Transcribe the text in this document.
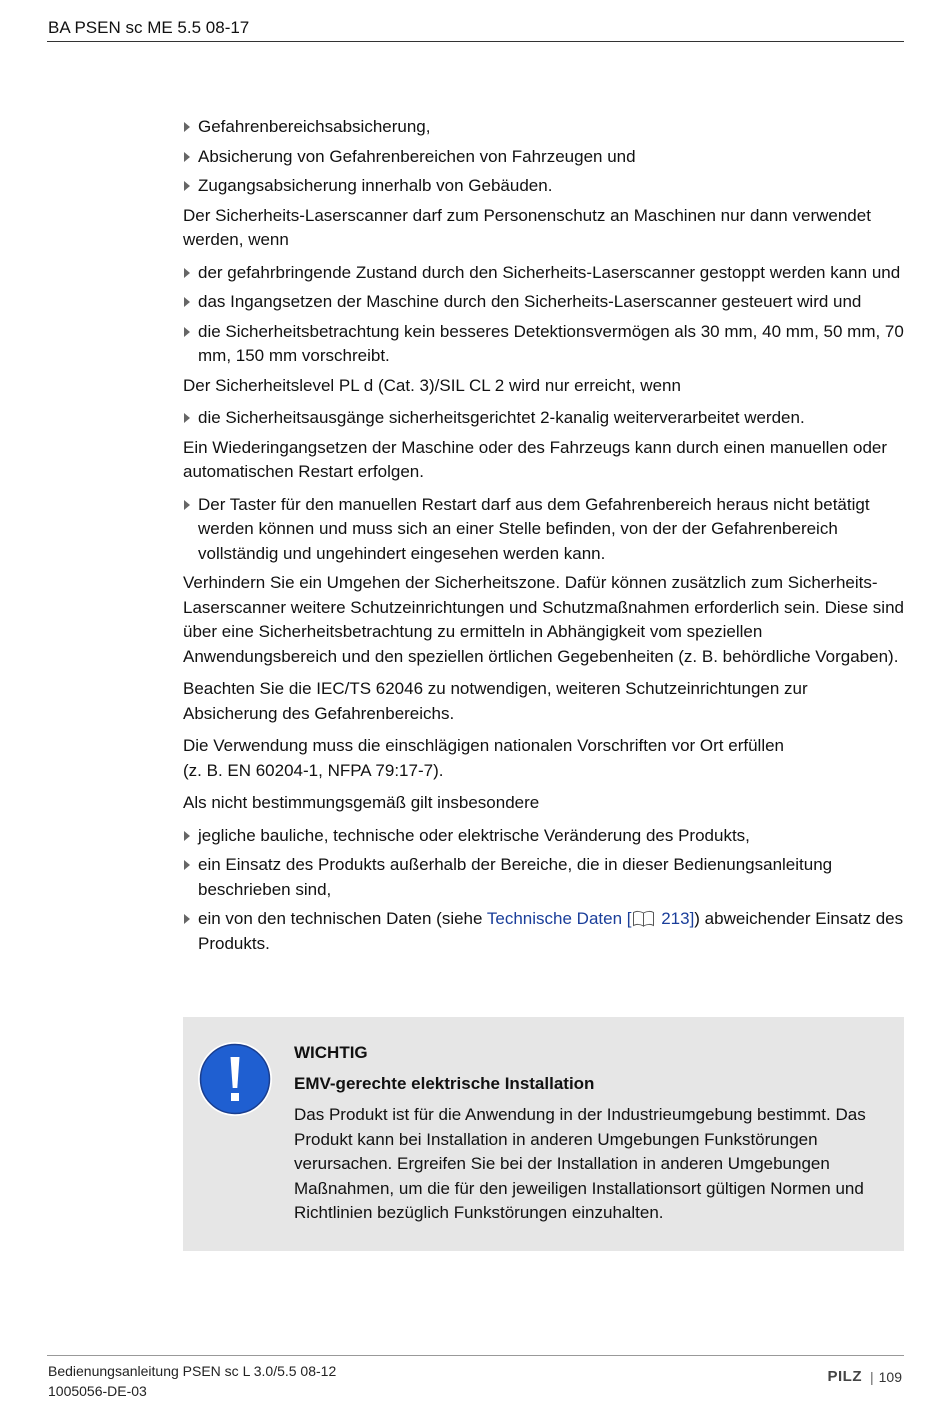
BA PSEN sc ME 5.5 08-17
Gefahrenbereichsabsicherung,
Absicherung von Gefahrenbereichen von Fahrzeugen und
Zugangsabsicherung innerhalb von Gebäuden.

Der Sicherheits-Laserscanner darf zum Personenschutz an Maschinen nur dann verwendet werden, wenn

der gefahrbringende Zustand durch den Sicherheits-Laserscanner gestoppt werden kann und
das Ingangsetzen der Maschine durch den Sicherheits-Laserscanner gesteuert wird und
die Sicherheitsbetrachtung kein besseres Detektionsvermögen als 30 mm, 40 mm, 50 mm, 70 mm, 150 mm vorschreibt.

Der Sicherheitslevel PL d (Cat. 3)/SIL CL 2 wird nur erreicht, wenn

die Sicherheitsausgänge sicherheitsgerichtet 2-kanalig weiterverarbeitet werden.

Ein Wiederingangsetzen der Maschine oder des Fahrzeugs kann durch einen manuellen oder automatischen Restart erfolgen.

Der Taster für den manuellen Restart darf aus dem Gefahrenbereich heraus nicht betätigt werden können und muss sich an einer Stelle befinden, von der der Gefahrenbereich vollständig und ungehindert eingesehen werden kann.

Verhindern Sie ein Umgehen der Sicherheitszone. Dafür können zusätzlich zum Sicherheits-Laserscanner weitere Schutzeinrichtungen und Schutzmaßnahmen erforderlich sein. Diese sind über eine Sicherheitsbetrachtung zu ermitteln in Abhängigkeit vom speziellen Anwendungsbereich und den speziellen örtlichen Gegebenheiten (z. B. behördliche Vorgaben).

Beachten Sie die IEC/TS 62046 zu notwendigen, weiteren Schutzeinrichtungen zur Absicherung des Gefahrenbereichs.

Die Verwendung muss die einschlägigen nationalen Vorschriften vor Ort erfüllen
(z. B. EN 60204-1, NFPA 79:17-7).

Als nicht bestimmungsgemäß gilt insbesondere

jegliche bauliche, technische oder elektrische Veränderung des Produkts,
ein Einsatz des Produkts außerhalb der Bereiche, die in dieser Bedienungsanleitung beschrieben sind,
ein von den technischen Daten (siehe Technische Daten [ 213]) abweichender Einsatz des Produkts.
WICHTIG
EMV-gerechte elektrische Installation
Das Produkt ist für die Anwendung in der Industrieumgebung bestimmt. Das Produkt kann bei Installation in anderen Umgebungen Funkstörungen verursachen. Ergreifen Sie bei der Installation in anderen Umgebungen Maßnahmen, um die für den jeweiligen Installationsort gültigen Normen und Richtlinien bezüglich Funkstörungen einzuhalten.
Bedienungsanleitung PSEN sc L 3.0/5.5 08-12
1005056-DE-03
PILZ | 109
